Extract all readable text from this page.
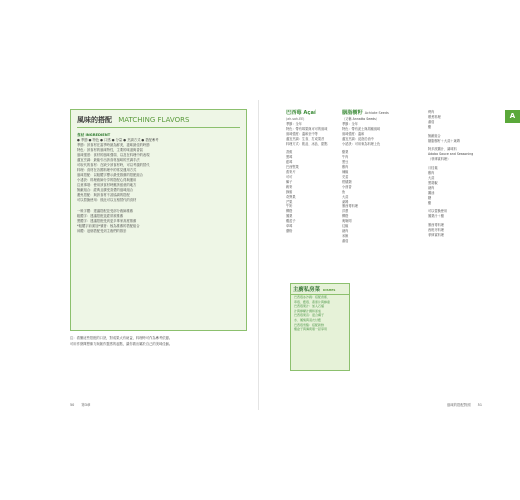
風味的搭配 MATCHING FLAVORS
食材 INGREDIENT
● 季節 ● 特色 ● 口感 ● 分量 ● 烹調方式 ● 搭配參考
季節：該食材在當季時最為鮮美，滋味最佳的時節
特色：該食材的風味特性，主要的味道與香氣
風味強度：食材的風味強弱，以及在料理中的表現
適宜烹調：最能引出該食材風味的烹調手法
可取代的食材：在缺少該食材時，可以考慮的替代
料理：食材在各國料理中的常見運用方式
風味搭配：以粗體字標示最受推薦的搭配組合
小祕訣：料理廚師分享的搭配心得與運用
注意事項：使用該食材時應該留意的地方
無敵組合：經典且廣受喜愛的風味組合
避免搭配：與該食材不甚協調的搭配
可以替換使用：彼此可以互相替代的食材
一般字體：建議搭配並受部分廚師推薦
粗體字：建議搭配並經常被推薦
黑體字：建議搭配受到更多專家高度推薦
*粗體字前面加*號者：極為推薦的搭配組合
斜體：這個搭配受到主廚們的推崇
注：看懂這些搭配的口訣，對成果大有助益，料理時可作為參考依據。
可用作發揮想像力與創作靈感的起點，讓你做出屬於自己的美味佳餚。
50 第3章
巴西莓 Açaí
(ah-sah-EE)
季節：全年
特色：帶有莓果與可可的風味
風味強度：溫和至中等
適宜烹調：生食、打成果昔
料理方式：飲品、冰品、甜點
香蕉
黑莓
藍莓
巴西堅果
燕麥片
可可
椰子
穀麥
蜂蜜
奇異果
芒果
牛奶
柳橙
鳳梨
覆盆子
草莓
優格
主廚私房菜 DISHES
巴西莓冰沙碗：搭配香蕉、
草莓、藍莓、燕麥片與蜂蜜
巴西莓果汁：加入石榴
汁與檸檬汁調和而成
巴西莓果昔：混合椰子
水、鳳梨與羽衣甘藍
巴西莓雪酪：搭配新鮮
覆盆子與薄荷葉一起享用
胭脂樹籽 Achiote Seeds
（又稱 Annatto Seeds）
季節：全年
特色：帶有泥土與胡椒風味
風味強度：溫和
適宜烹調：浸泡於油中
小祕訣：可用來為料理上色
酪梨
牛肉
黑豆
雞肉
辣椒
芫荽
柑橘類
小茴香
魚
大蒜
萊姆
墨西哥料理
洋蔥
柳橙
奧勒岡
紅椒
豬肉
米飯
番茄
烤肉
燉煮料理
番茄
醋
無敵組合
胭脂樹籽＋大蒜＋萊姆
阿多波醬汁、調味料
Adobo Sauce and Seasoning
（菲律賓料理）
月桂葉
雞肉
大蒜
黑胡椒
豬肉
醬油
糖
醋
可以替換使用
鳳梨汁＋醋
墨西哥料理
西班牙料理
菲律賓料理
A
風味的搭配對照 51
